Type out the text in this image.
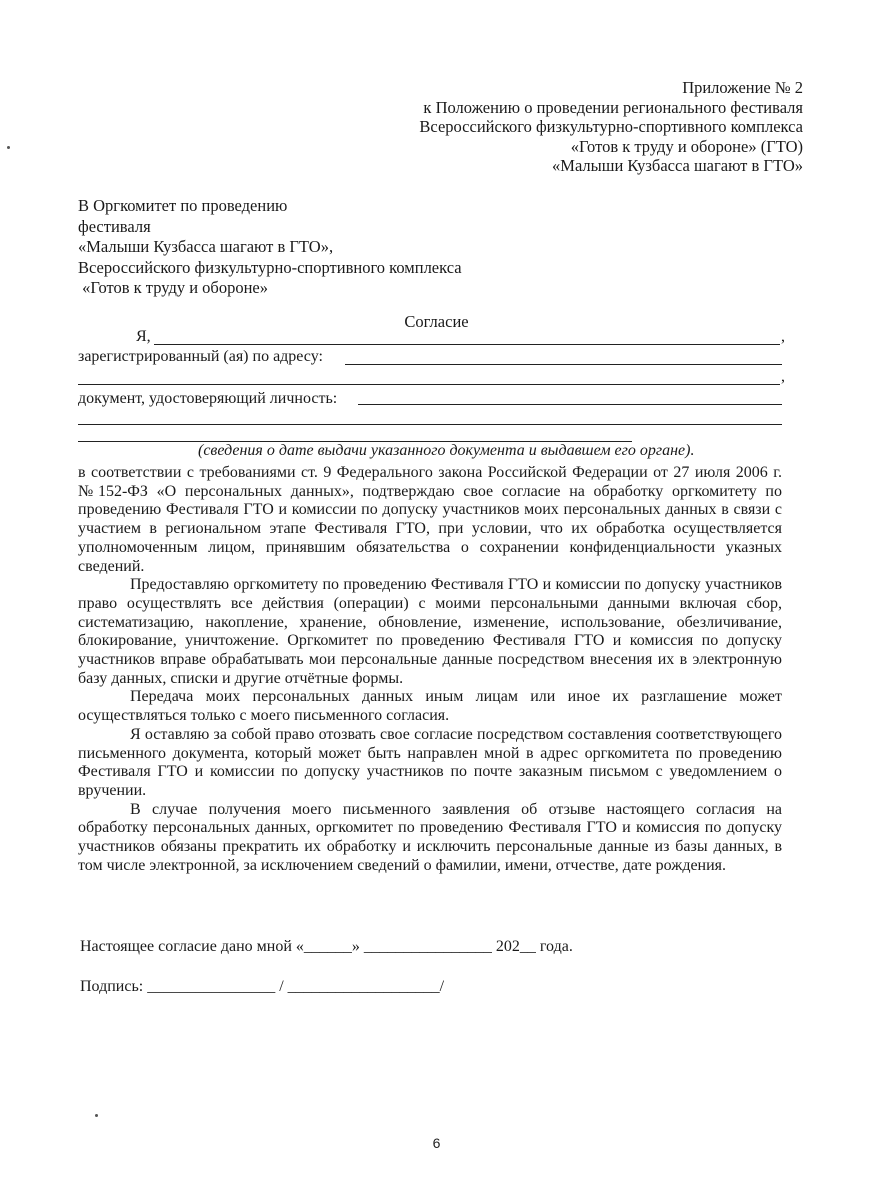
Приложение № 2
к Положению о проведении регионального фестиваля
Всероссийского физкультурно-спортивного комплекса
«Готов к труду и обороне» (ГТО)
«Малыши Кузбасса шагают в ГТО»
В Оргкомитет по проведению
фестиваля
«Малыши Кузбасса шагают в ГТО»,
Всероссийского физкультурно-спортивного комплекса
«Готов к труду и обороне»
Согласие
Я,	,
зарегистрированный (ая) по адресу:
,
документ, удостоверяющий личность:
(сведения о дате выдачи указанного документа и выдавшем его органе).

в соответствии с требованиями ст. 9 Федерального закона Российской Федерации от 27 июля 2006 г. №152-ФЗ «О персональных данных», подтверждаю свое согласие на обработку оргкомитету по проведению Фестиваля ГТО и комиссии по допуску участников моих персональных данных в связи с участием в региональном этапе Фестиваля ГТО, при условии, что их обработка осуществляется уполномоченным лицом, принявшим обязательства о сохранении конфиденциальности указных сведений.

Предоставляю оргкомитету по проведению Фестиваля ГТО и комиссии по допуску участников право осуществлять все действия (операции) с моими персональными данными включая сбор, систематизацию, накопление, хранение, обновление, изменение, использование, обезличивание, блокирование, уничтожение. Оргкомитет по проведению Фестиваля ГТО и комиссия по допуску участников вправе обрабатывать мои персональные данные посредством внесения их в электронную базу данных, списки и другие отчётные формы.

Передача моих персональных данных иным лицам или иное их разглашение может осуществляться только с моего письменного согласия.

Я оставляю за собой право отозвать свое согласие посредством составления соответствующего письменного документа, который может быть направлен мной в адрес оргкомитета по проведению Фестиваля ГТО и комиссии по допуску участников по почте заказным письмом с уведомлением о вручении.

В случае получения моего письменного заявления об отзыве настоящего согласия на обработку персональных данных, оргкомитет по проведению Фестиваля ГТО и комиссия по допуску участников обязаны прекратить их обработку и исключить персональные данные из базы данных, в том числе электронной, за исключением сведений о фамилии, имени, отчестве, дате рождения.

Настоящее согласие дано мной «______» ________________ 202__ года.
Подпись: ________________ / ___________________/
6
